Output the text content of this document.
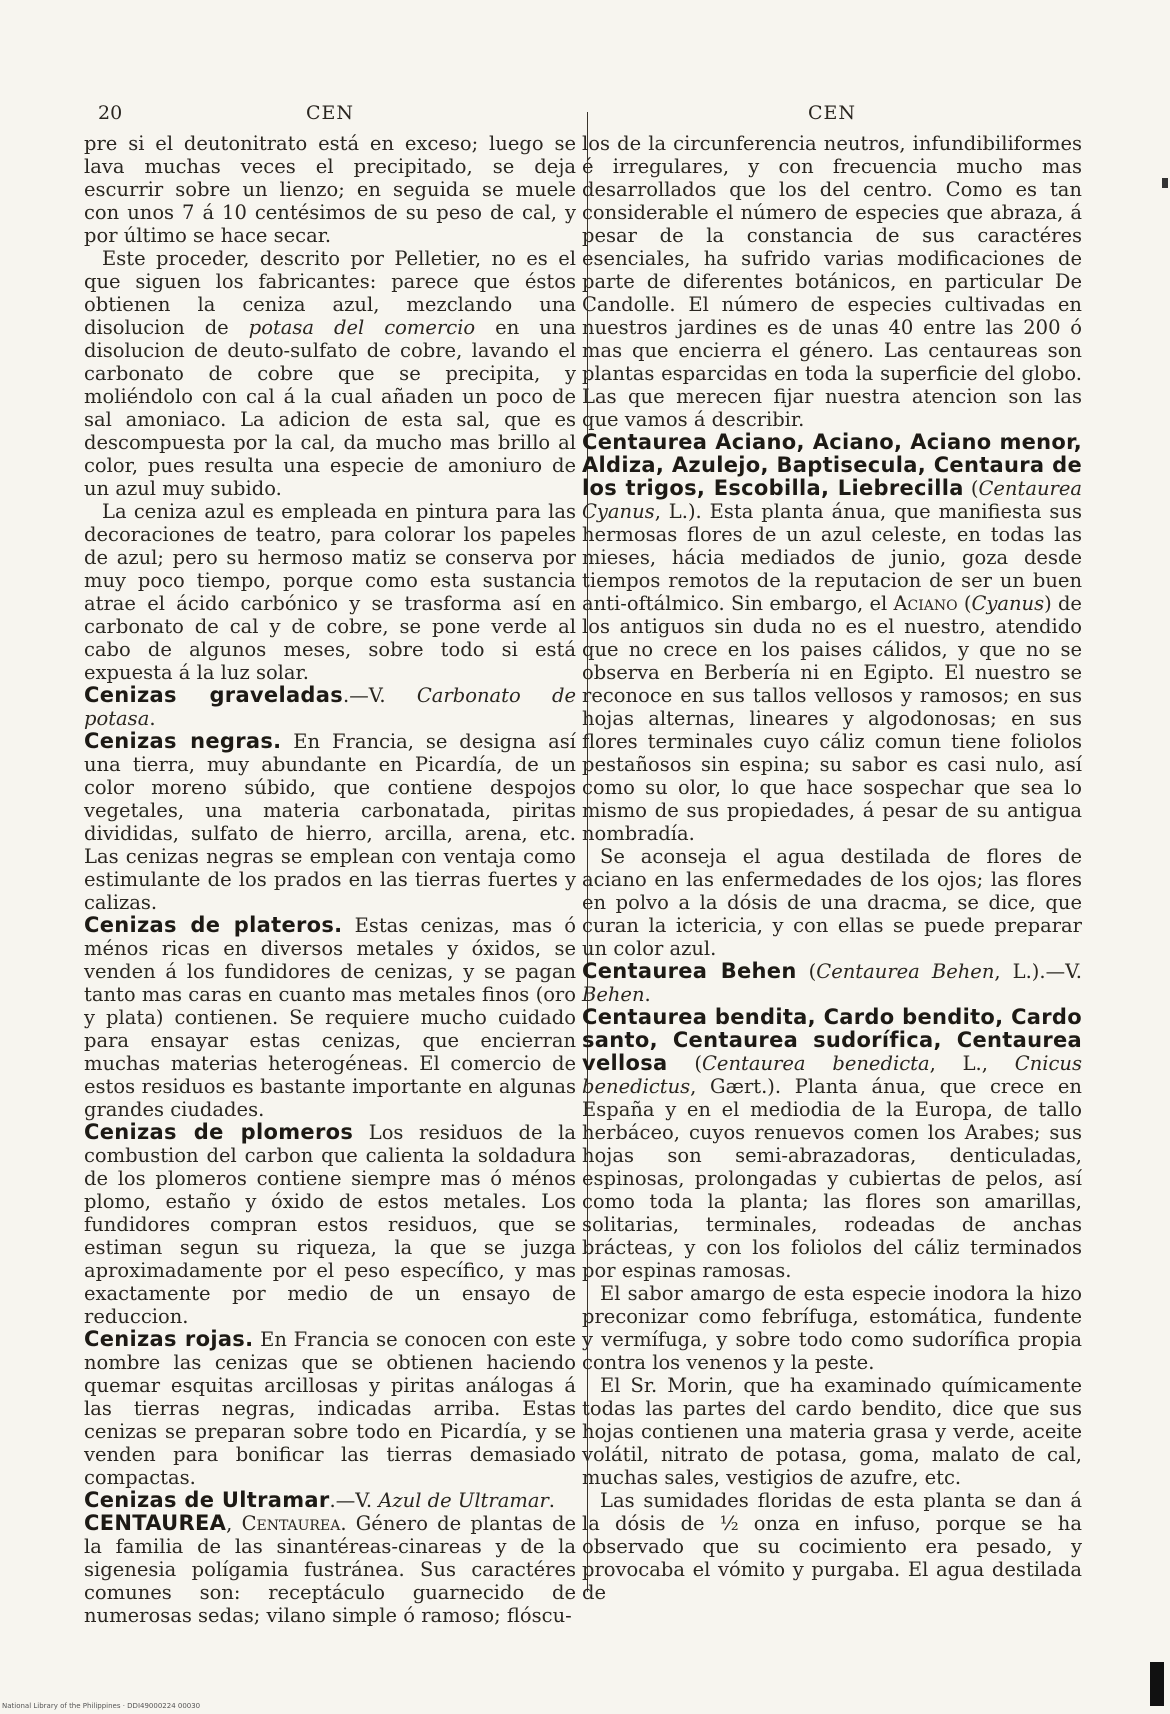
20	CEN

pre si el deutonitrato está en exceso; luego se lava muchas veces el precipitado, se deja escurrir sobre un lienzo; en seguida se muele con unos 7 á 10 centésimos de su peso de cal, y por último se hace secar.

Este proceder, descrito por Pelletier, no es el que siguen los fabricantes: parece que éstos obtienen la ceniza azul, mezclando una disolucion de potasa del comercio en una disolucion de deuto-sulfato de cobre, lavando el carbonato de cobre que se precipita, y moliéndolo con cal á la cual añaden un poco de sal amoniaco. La adicion de esta sal, que es descompuesta por la cal, da mucho mas brillo al color, pues resulta una especie de amoniuro de un azul muy subido.

La ceniza azul es empleada en pintura para las decoraciones de teatro, para colorar los papeles de azul; pero su hermoso matiz se conserva por muy poco tiempo, porque como esta sustancia atrae el ácido carbónico y se trasforma así en carbonato de cal y de cobre, se pone verde al cabo de algunos meses, sobre todo si está expuesta á la luz solar.

Cenizas graveladas.—V. Carbonato de potasa.

Cenizas negras. En Francia, se designa así una tierra, muy abundante en Picardía, de un color moreno súbido, que contiene despojos vegetales, una materia carbonatada, piritas divididas, sulfato de hierro, arcilla, arena, etc. Las cenizas negras se emplean con ventaja como estimulante de los prados en las tierras fuertes y calizas.

Cenizas de plateros. Estas cenizas, mas ó ménos ricas en diversos metales y óxidos, se venden á los fundidores de cenizas, y se pagan tanto mas caras en cuanto mas metales finos (oro y plata) contienen. Se requiere mucho cuidado para ensayar estas cenizas, que encierran muchas materias heterogéneas. El comercio de estos residuos es bastante importante en algunas grandes ciudades.

Cenizas de plomeros Los residuos de la combustion del carbon que calienta la soldadura de los plomeros contiene siempre mas ó ménos plomo, estaño y óxido de estos metales. Los fundidores compran estos residuos, que se estiman segun su riqueza, la que se juzga aproximadamente por el peso específico, y mas exactamente por medio de un ensayo de reduccion.

Cenizas rojas. En Francia se conocen con este nombre las cenizas que se obtienen haciendo quemar esquitas arcillosas y piritas análogas á las tierras negras, indicadas arriba. Estas cenizas se preparan sobre todo en Picardía, y se venden para bonificar las tierras demasiado compactas.

Cenizas de Ultramar.—V. Azul de Ultramar.

CENTAUREA, Centaurea. Género de plantas de la familia de las sinantéreas-cinareas y de la sigenesia polígamia fustránea. Sus caractéres comunes son: receptáculo guarnecido de numerosas sedas; vilano simple ó ramoso; flóscu-

CEN

los de la circunferencia neutros, infundibiliformes é irregulares, y con frecuencia mucho mas desarrollados que los del centro. Como es tan considerable el número de especies que abraza, á pesar de la constancia de sus caractéres esenciales, ha sufrido varias modificaciones de parte de diferentes botánicos, en particular De Candolle. El número de especies cultivadas en nuestros jardines es de unas 40 entre las 200 ó mas que encierra el género. Las centaureas son plantas esparcidas en toda la superficie del globo. Las que merecen fijar nuestra atencion son las que vamos á describir.

Centaurea Aciano, Aciano, Aciano menor, Aldiza, Azulejo, Baptisecula, Centaura de los trigos, Escobilla, Liebrecilla (Centaurea Cyanus, L.). Esta planta ánua, que manifiesta sus hermosas flores de un azul celeste, en todas las mieses, hácia mediados de junio, goza desde tiempos remotos de la reputacion de ser un buen anti-oftálmico. Sin embargo, el Aciano (Cyanus) de los antiguos sin duda no es el nuestro, atendido que no crece en los paises cálidos, y que no se observa en Berbería ni en Egipto. El nuestro se reconoce en sus tallos vellosos y ramosos; en sus hojas alternas, lineares y algodonosas; en sus flores terminales cuyo cáliz comun tiene foliolos pestañosos sin espina; su sabor es casi nulo, así como su olor, lo que hace sospechar que sea lo mismo de sus propiedades, á pesar de su antigua nombradía.

Se aconseja el agua destilada de flores de aciano en las enfermedades de los ojos; las flores en polvo a la dósis de una dracma, se dice, que curan la ictericia, y con ellas se puede preparar un color azul.

Centaurea Behen (Centaurea Behen, L.).—V. Behen.

Centaurea bendita, Cardo bendito, Cardo santo, Centaurea sudorífica, Centaurea vellosa (Centaurea benedicta, L., Cnicus benedictus, Gært.). Planta ánua, que crece en España y en el mediodia de la Europa, de tallo herbáceo, cuyos renuevos comen los Arabes; sus hojas son semi-abrazadoras, denticuladas, espinosas, prolongadas y cubiertas de pelos, así como toda la planta; las flores son amarillas, solitarias, terminales, rodeadas de anchas brácteas, y con los foliolos del cáliz terminados por espinas ramosas.

El sabor amargo de esta especie inodora la hizo preconizar como febrífuga, estomática, fundente y vermífuga, y sobre todo como sudorífica propia contra los venenos y la peste.

El Sr. Morin, que ha examinado químicamente todas las partes del cardo bendito, dice que sus hojas contienen una materia grasa y verde, aceite volátil, nitrato de potasa, goma, malato de cal, muchas sales, vestigios de azufre, etc.

Las sumidades floridas de esta planta se dan á la dósis de ½ onza en infuso, porque se ha observado que su cocimiento era pesado, y provocaba el vómito y purgaba. El agua destilada de

National Library of the Philippines · DDI49000224 00030
